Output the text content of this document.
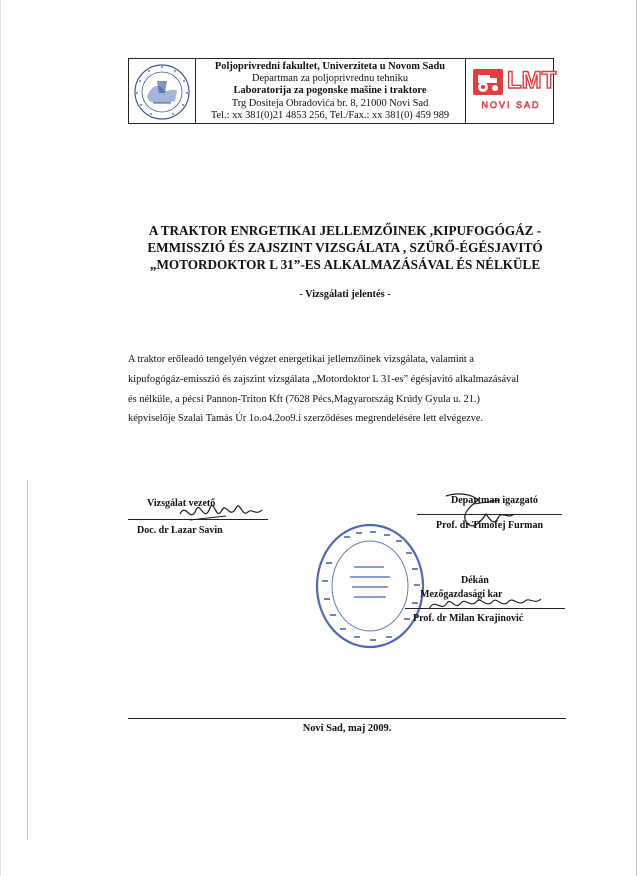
Poljoprivredni fakultet, Univerziteta u Novom Sadu
Departman za poljoprivrednu tehniku
Laboratorija za pogonske mašine i traktore
Trg Dositeja Obradovića br. 8, 21000 Novi Sad
Tel.: xx 381(0)21 4853 256, Tel./Fax.: xx 381(0) 459 989
LMT
NOVI SAD
A TRAKTOR ENRGETIKAI JELLEMZŐINEK ,KIPUFOGÓGÁZ -
EMMISSZIÓ ÉS ZAJSZINT VIZSGÁLATA , SZÜRŐ-ÉGÉSJAVITÓ
„MOTORDOKTOR L 31”-ES ALKALMAZÁSÁVAL ÉS NÉLKÜLE
- Vizsgálati jelentés -
A traktor erőleadó tengelyén végzet energetikai jellemzőinek vizsgálata, valamint a
kipufogógáz-emisszió és zajszint vizsgálata „Motordoktor L 31-es” égésjavitó alkalmazásával
és nélküle, a pécsi Pannon-Triton Kft (7628 Pécs,Magyarország Krúdy Gyula u. 21.)
képviselője Szalai Tamás Úr 1o.o4.2oo9.i szerződéses megrendelésére lett elvégezve.
Vizsgálat vezető
Doc. dr Lazar Savin
Departman igazgató
Prof. dr Timofej Furman
Dékán
Mezőgazdasági kar
Prof. dr Milan Krajinović
Novi Sad, maj 2009.
